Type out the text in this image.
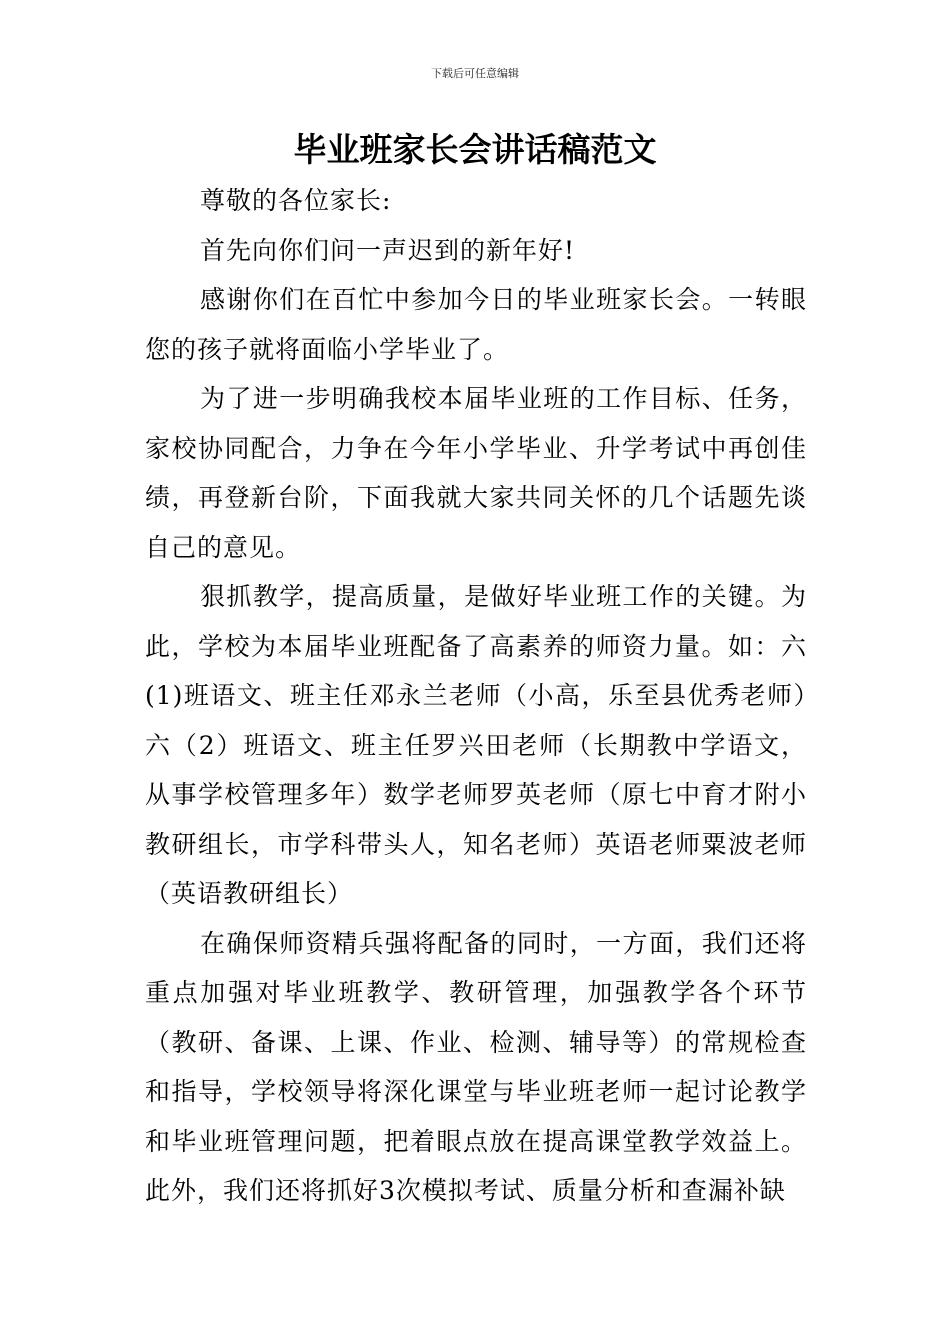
下载后可任意编辑
毕业班家长会讲话稿范文

尊敬的各位家长:

首先向你们问一声迟到的新年好!

感谢你们在百忙中参加今日的毕业班家长会。一转眼您的孩子就将面临小学毕业了。

为了进一步明确我校本届毕业班的工作目标、任务，家校协同配合，力争在今年小学毕业、升学考试中再创佳绩，再登新台阶，下面我就大家共同关怀的几个话题先谈自己的意见。

狠抓教学，提高质量，是做好毕业班工作的关键。为此，学校为本届毕业班配备了高素养的师资力量。如：六(1)班语文、班主任邓永兰老师（小高，乐至县优秀老师）六（2）班语文、班主任罗兴田老师（长期教中学语文，从事学校管理多年）数学老师罗英老师（原七中育才附小教研组长，市学科带头人，知名老师）英语老师粟波老师（英语教研组长）

在确保师资精兵强将配备的同时，一方面，我们还将重点加强对毕业班教学、教研管理，加强教学各个环节（教研、备课、上课、作业、检测、辅导等）的常规检查和指导，学校领导将深化课堂与毕业班老师一起讨论教学和毕业班管理问题，把着眼点放在提高课堂教学效益上。此外，我们还将抓好3次模拟考试、质量分析和查漏补缺
